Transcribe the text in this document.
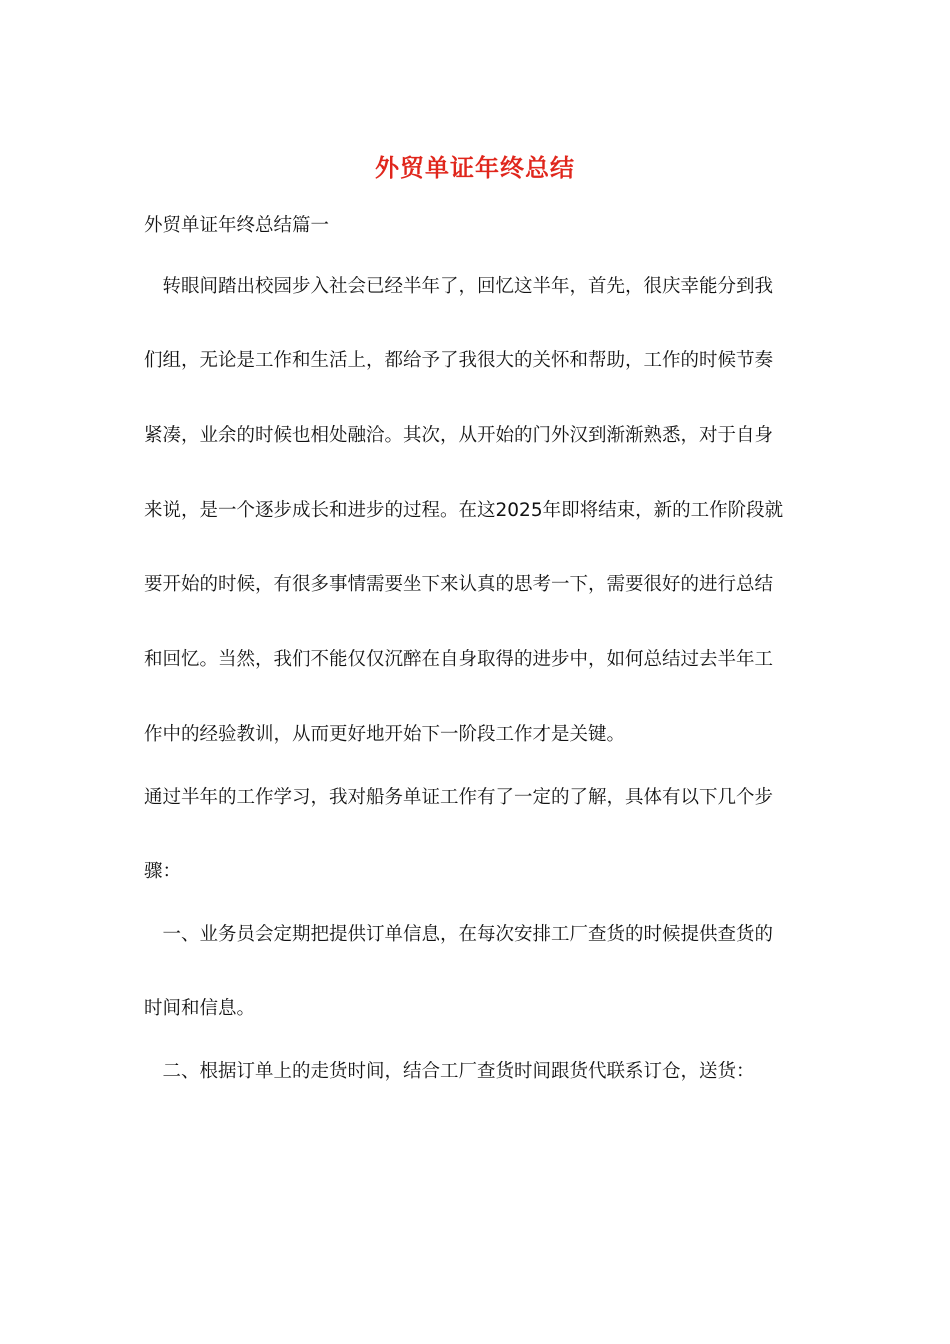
外贸单证年终总结
外贸单证年终总结篇一
　转眼间踏出校园步入社会已经半年了，回忆这半年，首先，很庆幸能分到我
们组，无论是工作和生活上，都给予了我很大的关怀和帮助，工作的时候节奏
紧凑，业余的时候也相处融洽。其次，从开始的门外汉到渐渐熟悉，对于自身
来说，是一个逐步成长和进步的过程。在这2025年即将结束，新的工作阶段就
要开始的时候，有很多事情需要坐下来认真的思考一下，需要很好的进行总结
和回忆。当然，我们不能仅仅沉醉在自身取得的进步中，如何总结过去半年工
作中的经验教训，从而更好地开始下一阶段工作才是关键。
通过半年的工作学习，我对船务单证工作有了一定的了解，具体有以下几个步
骤：
　一、业务员会定期把提供订单信息，在每次安排工厂查货的时候提供查货的
时间和信息。
　二、根据订单上的走货时间，结合工厂查货时间跟货代联系订仓，送货：
